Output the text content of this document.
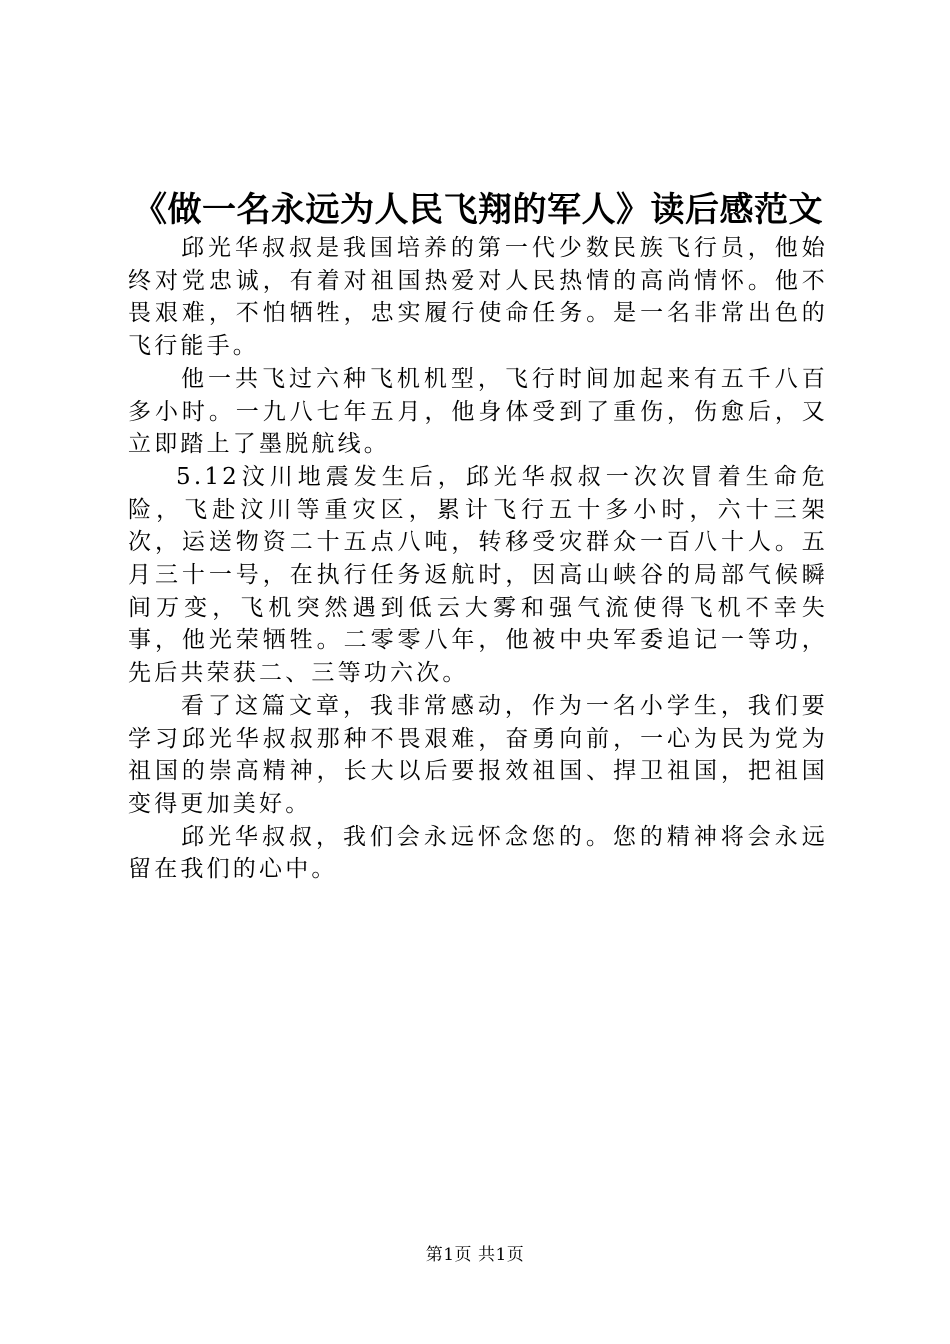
《做一名永远为人民飞翔的军人》读后感范文

邱光华叔叔是我国培养的第一代少数民族飞行员，他始终对党忠诚，有着对祖国热爱对人民热情的高尚情怀。他不畏艰难，不怕牺牲，忠实履行使命任务。是一名非常出色的飞行能手。

他一共飞过六种飞机机型，飞行时间加起来有五千八百多小时。一九八七年五月，他身体受到了重伤，伤愈后，又立即踏上了墨脱航线。

5.12汶川地震发生后，邱光华叔叔一次次冒着生命危险，飞赴汶川等重灾区，累计飞行五十多小时，六十三架次，运送物资二十五点八吨，转移受灾群众一百八十人。五月三十一号，在执行任务返航时，因高山峡谷的局部气候瞬间万变，飞机突然遇到低云大雾和强气流使得飞机不幸失事，他光荣牺牲。二零零八年，他被中央军委追记一等功，先后共荣获二、三等功六次。

看了这篇文章，我非常感动，作为一名小学生，我们要学习邱光华叔叔那种不畏艰难，奋勇向前，一心为民为党为祖国的崇高精神，长大以后要报效祖国、捍卫祖国，把祖国变得更加美好。

邱光华叔叔，我们会永远怀念您的。您的精神将会永远留在我们的心中。

第1页 共1页
